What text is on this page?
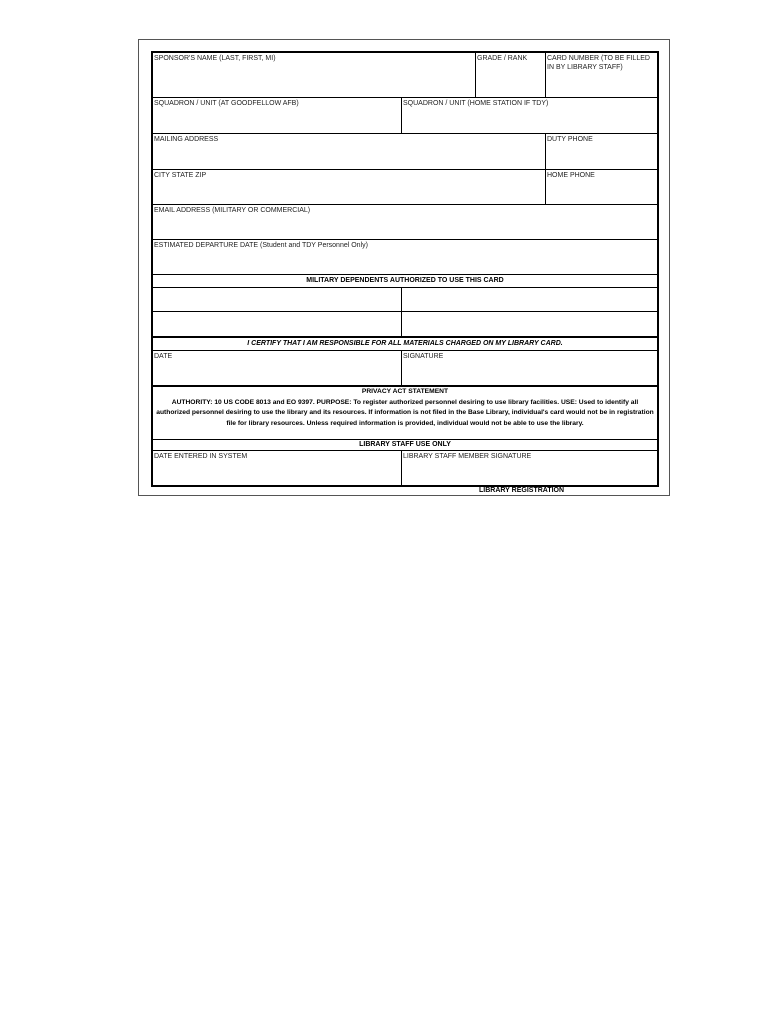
SPONSOR'S NAME (LAST, FIRST, MI)	GRADE / RANK	CARD NUMBER (TO BE FILLED IN BY LIBRARY STAFF)
SQUADRON / UNIT (AT GOODFELLOW AFB)	SQUADRON / UNIT (HOME STATION IF TDY)
MAILING ADDRESS	DUTY PHONE
CITY STATE ZIP	HOME PHONE
EMAIL ADDRESS (MILITARY OR COMMERCIAL)
ESTIMATED DEPARTURE DATE (Student and TDY Personnel Only)
MILITARY DEPENDENTS AUTHORIZED TO USE THIS CARD
I CERTIFY THAT I AM RESPONSIBLE FOR ALL MATERIALS CHARGED ON MY LIBRARY CARD.
DATE	SIGNATURE
PRIVACY ACT STATEMENT
AUTHORITY: 10 US CODE 8013 and EO 9397. PURPOSE: To register authorized personnel desiring to use library facilities. USE: Used to identify all authorized personnel desiring to use the library and its resources. If information is not filed in the Base Library, individual's card would not be in registration file for library resources. Unless required information is provided, individual would not be able to use the library.
LIBRARY STAFF USE ONLY
DATE ENTERED IN SYSTEM	LIBRARY STAFF MEMBER SIGNATURE
LIBRARY REGISTRATION
